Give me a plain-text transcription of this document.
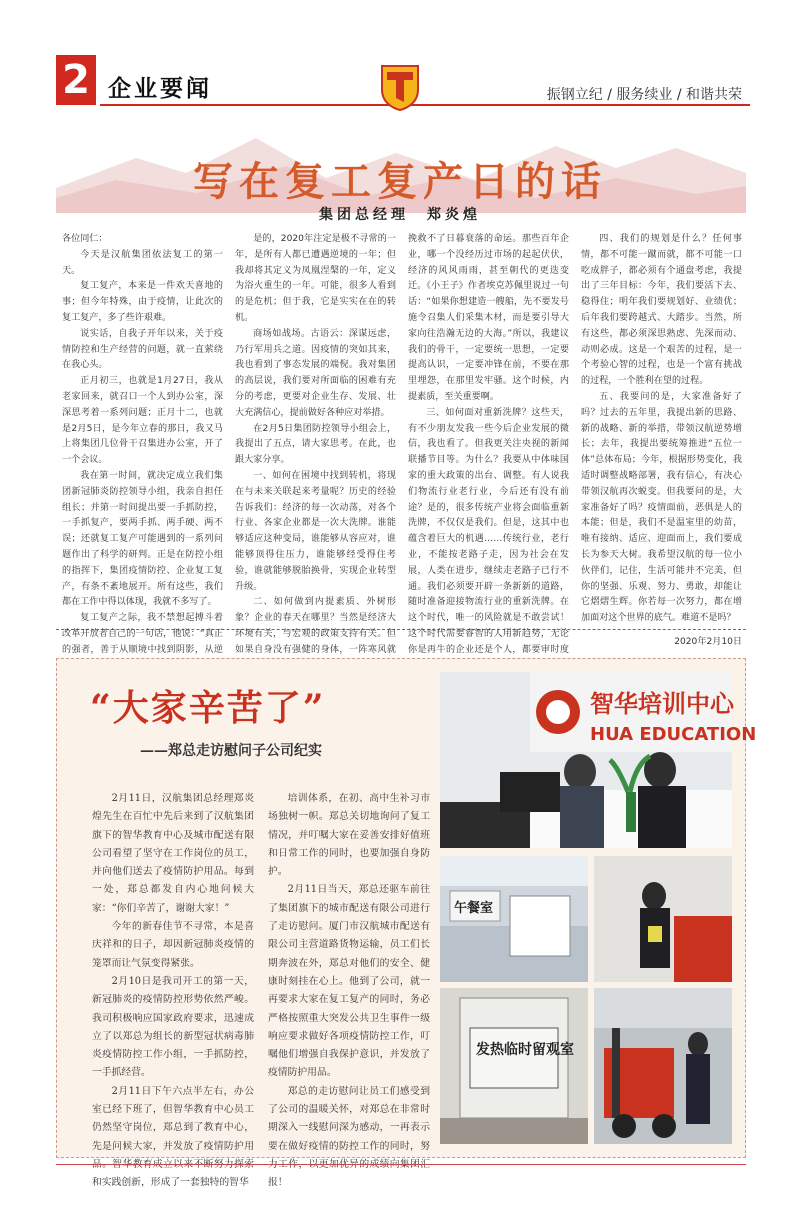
2 企业要闻	振钢立纪 / 服务续业 / 和谐共荣
写在复工复产日的话
集团总经理　郑炎煌

各位同仁：

今天是汉航集团依法复工的第一天。

复工复产，本来是一件欢天喜地的事；但今年特殊，由于疫情，让此次的复工复产，多了些许艰难。

说实话，自我子开年以来，关于疫情防控和生产经营的问题，就一直萦绕在我心头。

正月初三，也就是1月27日，我从老家回来，就召口一个人到办公室，深深思考着一系列问题；正月十二，也就是2月5日，是今年立春的那日，我又马上将集团几位骨干召集进办公室，开了一个会议。

我在第一时间，就决定成立我们集团新冠肺炎防控领导小组，我亲自担任组长；并第一时间提出要一手抓防控，一手抓复产，要两手抓、两手硬、两不误；还就复工复产可能遇到的一系列问题作出了科学的研判。正是在防控小组的指挥下，集团疫情防控、企业复工复产，有条不紊地展开。所有这些，我们都在工作中得以体现，我就不多写了。

复工复产之际，我不禁想起搏斗着改革开放者自己的一句话，他说：“真正的强者，善于从顺境中找到阴影，从逆

是的，2020年注定是极不寻常的一年，是所有人都已遭遇逆境的一年；但我却将其定义为凤凰涅槃的一年，定义为浴火重生的一年。可能，很多人看到的是危机；但于我，它是实实在在的转机。

商场如战场。古语云：深谋远虑，乃行军用兵之道。因疫情的突如其来，我也看到了事态发展的端倪。我对集团的高层说，我们要对所面临的困难有充分的考虑，更要对企业生存、发展、壮大充满信心，提前做好各种应对举措。

在2月5日集团防控领导小组会上，我提出了五点，请大家思考。在此，也跟大家分享。

一、如何在困境中找到转机，将现在与未来关联起来考量呢？历史的经验告诉我们：经济的每一次动荡，对各个行业、各家企业都是一次大洗牌。谁能够适应这种变局，谁能够从容应对，谁能够顶得住压力，谁能够经受得住考验，谁就能够脱胎换骨，实现企业转型升级。

二、如何做到内提素质、外树形象？企业的春天在哪里？当然是经济大环境有关，与宏观的政策支持有关。但如果自身没有强健的身体，一阵寒风就

挽救不了日暮衰落的命运。那些百年企业，哪一个没经历过市场的起起伏伏，经济的风风雨雨，甚至朝代的更迭变迁。《小王子》作者埃克苏佩里说过一句话：“如果你想建造一艘船，先不要发号施令召集人们采集木材，而是要引导大家向往浩瀚无边的大海。”所以，我建议我们的骨干，一定要统一思想，一定要提高认识，一定要冲锋在前，不要在那里埋怨，在那里发牢骚。这个时候，内提素质，至关重要啊。

三、如何面对重新洗牌？这些天，有不少朋友发我一些今后企业发展的微信，我也看了。但我更关注央视的新闻联播节目等。为什么？我要从中体味国家的重大政策的出台、调整。有人说我们物流行业老行业，今后还有没有前途？是的，很多传统产业将会面临重新洗牌，不仅仅是我们。但是，这其中也蕴含着巨大的机遇……传统行业，老行业，不能按老路子走，因为社会在发展，人类在进步，继续走老路子已行不通。我们必须要开辟一条新新的道路，随时准备迎接物流行业的重新洗牌。在这个时代，唯一的风险就是不敢尝试！这个时代需要睿智的人用新趋势，无论你是再牛的企业还是个人，都要审时度

四、我们的规划是什么？任何事情，都不可能一蹴而就，都不可能一口吃成胖子，都必须有个通盘考虑，我提出了三年目标：今年，我们要活下去、稳得住；明年我们要规划好、业绩优；后年我们要跨越式、大踏步。当然，所有这些，都必须深思熟虑、先深而动、动则必成。这是一个艰苦的过程，是一个考验心智的过程，也是一个富有挑战的过程，一个胜利在望的过程。

五、我要问的是，大家准备好了吗？过去的五年里，我提出新的思路、新的战略、新的举措，带领汉航逆势增长；去年，我提出要统筹推进“五位一体”总体布局；今年，根据形势变化，我适时调整战略部署，我有信心，有决心带领汉航再次蜕变。但我要问的是，大家准备好了吗？疫情面前，恶俱是人的本能；但是，我们不是温室里的幼苗，唯有接纳、适应、迎面而上，我们要成长为参天大树。我希望汉航的每一位小伙伴们，记住，生活可能并不完美，但你的坚强、乐观、努力、勇敢，却能让它熠熠生辉。你若每一次努力，都在增加面对这个世界的底气。难道不是吗？

2020年2月10日
“大家辛苦了”
——郑总走访慰问子公司纪实

2月11日，汉航集团总经理郑炎煌先生在百忙中先后来到了汉航集团旗下的智华教育中心及城市配送有限公司看望了坚守在工作岗位的员工，并向他们送去了疫情防护用品。每到一处，郑总都发自内心地问候大家：“你们辛苦了，谢谢大家！”

今年的新春佳节不寻常，本是喜庆祥和的日子，却因新冠肺炎疫情的笼罩而让气氛变得紧张。

2月10日是我司开工的第一天，新冠肺炎的疫情防控形势依然严峻。我司积极响应国家政府要求，迅速成立了以郑总为组长的新型冠状病毒肺炎疫情防控工作小组，一手抓防控，一手抓经营。

2月11日下午六点半左右，办公室已经下班了，但智华教育中心员工仍然坚守岗位，郑总到了教育中心，先是问候大家，并发放了疫情防护用 和实践创新，形成了一套独特的智华

培训体系，在初、高中生补习市场独树一帜。郑总关切地询问了复工情况，并叮嘱大家在妥善安排好值班和日常工作的同时，也要加强自身防护。

2月11日当天，郑总还驱车前往了集团旗下的城市配送有限公司进行了走访慰问。厦门市汉航城市配送有限公司主营道路货物运输，员工们长期奔波在外，郑总对他们的安全、健康时刻挂在心上。他到了公司，就一再要求大家在复工复产的同时，务必严格按照重大突发公共卫生事件一级响应要求做好各项疫情防控工作，叮嘱他们增强自我保护意识，并发放了疫情防护用品。

郑总的走访慰问让员工们感受到了公司的温暖关怀，对郑总在非常时期深入一线慰问深为感动，一再表示要在做好疫情的防控工作的同时，努 报！

智华培训中心
HUA EDUCATION
午餐室
发热临时留观室
